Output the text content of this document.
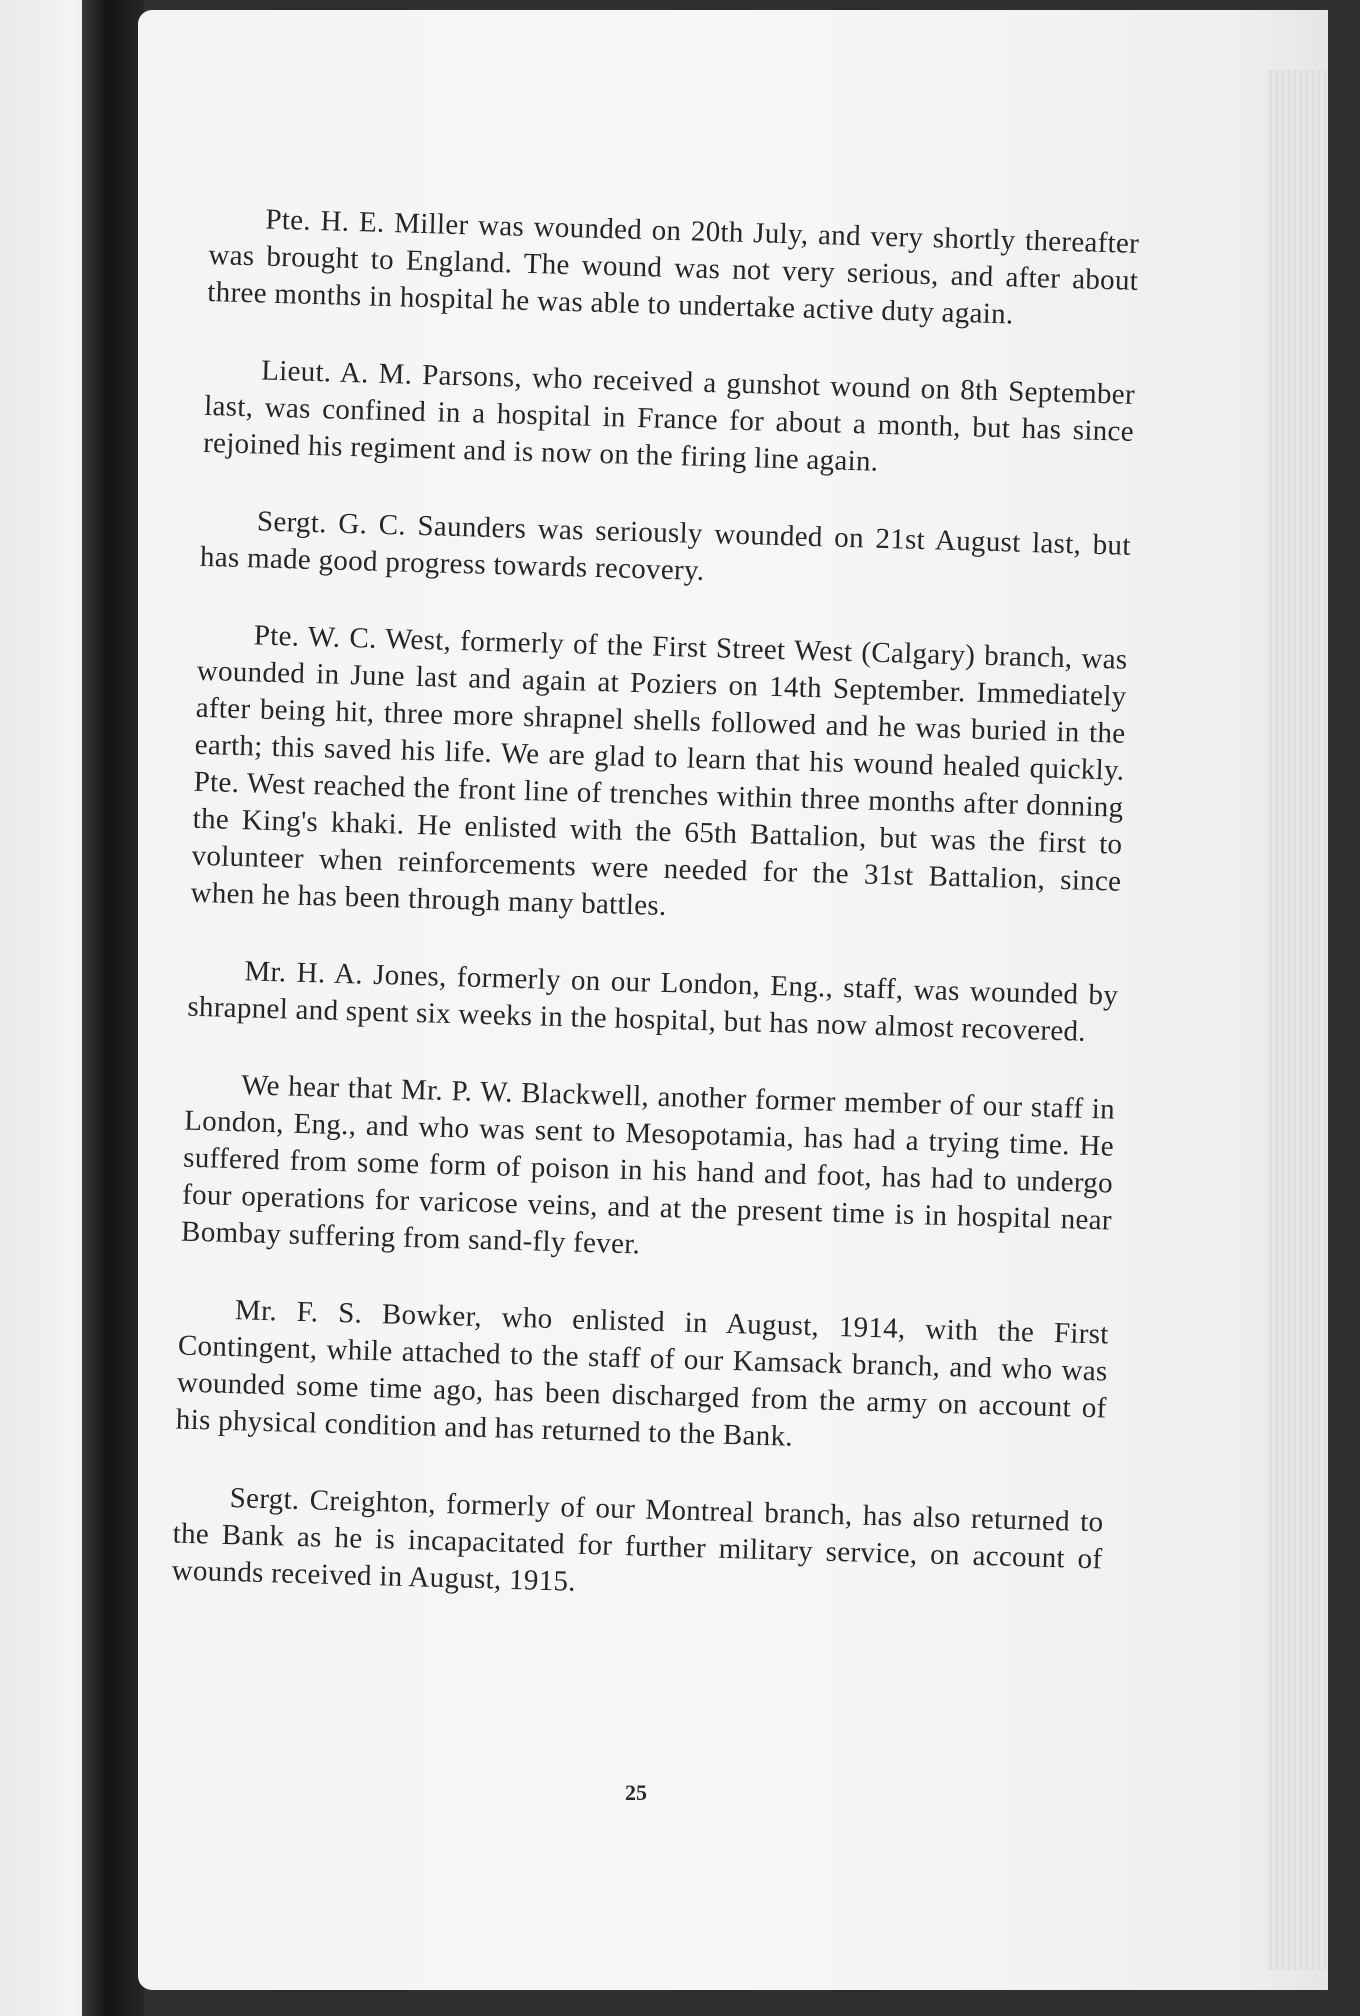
Pte. H. E. Miller was wounded on 20th July, and very shortly thereafter was brought to England. The wound was not very serious, and after about three months in hospital he was able to undertake active duty again.

Lieut. A. M. Parsons, who received a gunshot wound on 8th September last, was confined in a hospital in France for about a month, but has since rejoined his regiment and is now on the firing line again.

Sergt. G. C. Saunders was seriously wounded on 21st August last, but has made good progress towards recovery.

Pte. W. C. West, formerly of the First Street West (Calgary) branch, was wounded in June last and again at Poziers on 14th September. Immediately after being hit, three more shrapnel shells followed and he was buried in the earth; this saved his life. We are glad to learn that his wound healed quickly. Pte. West reached the front line of trenches within three months after donning the King's khaki. He enlisted with the 65th Battalion, but was the first to volunteer when reinforcements were needed for the 31st Battalion, since when he has been through many battles.

Mr. H. A. Jones, formerly on our London, Eng., staff, was wounded by shrapnel and spent six weeks in the hospital, but has now almost recovered.

We hear that Mr. P. W. Blackwell, another former member of our staff in London, Eng., and who was sent to Mesopotamia, has had a trying time. He suffered from some form of poison in his hand and foot, has had to undergo four operations for varicose veins, and at the present time is in hospital near Bombay suffering from sand-fly fever.

Mr. F. S. Bowker, who enlisted in August, 1914, with the First Contingent, while attached to the staff of our Kamsack branch, and who was wounded some time ago, has been discharged from the army on account of his physical condition and has returned to the Bank.

Sergt. Creighton, formerly of our Montreal branch, has also returned to the Bank as he is incapacitated for further military service, on account of wounds received in August, 1915.

25
